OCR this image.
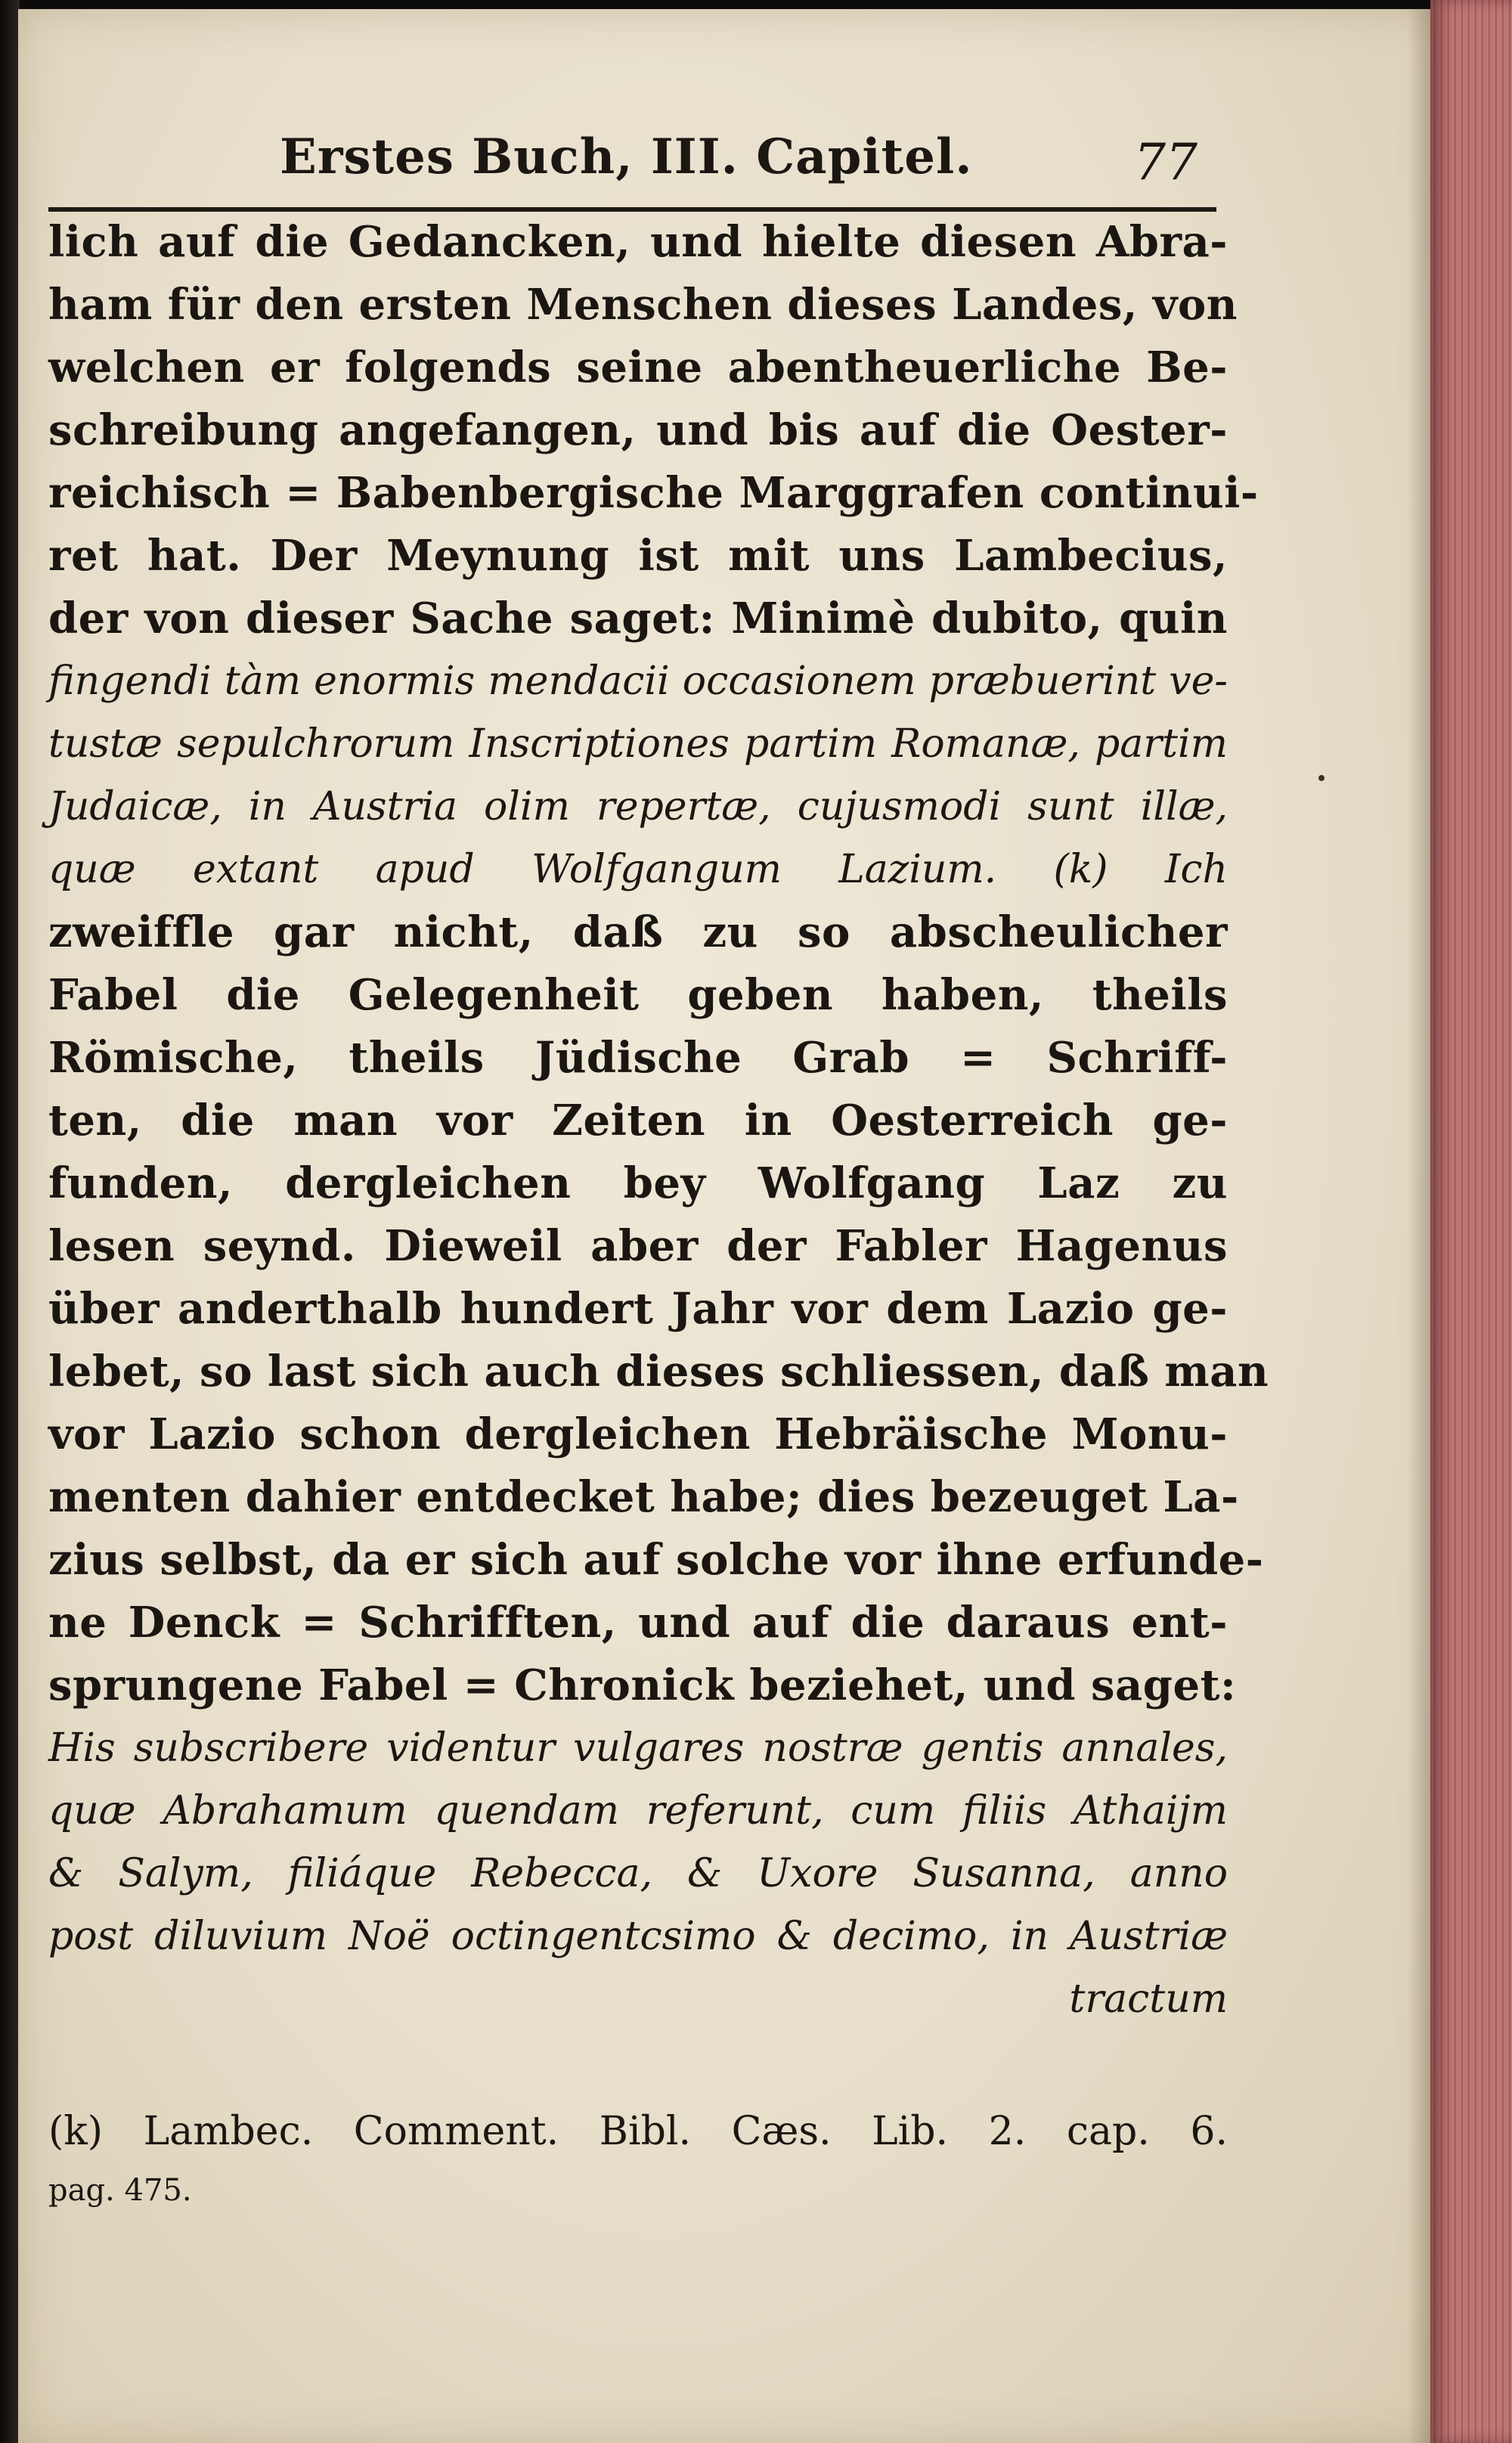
Erstes Buch, III. Capitel.	77
lich auf die Gedancken, und hielte diesen Abra-
ham für den ersten Menschen dieses Landes, von
welchen er folgends seine abentheuerliche Be-
schreibung angefangen, und bis auf die Oester-
reichisch = Babenbergische Marggrafen continui-
ret hat. Der Meynung ist mit uns Lambecius,
der von dieser Sache saget: Minimè dubito, quin
fingendi tàm enormis mendacii occasionem præbuerint ve-
tustæ sepulchrorum Inscriptiones partim Romanæ, partim
Judaicæ, in Austria olim repertæ, cujusmodi sunt illæ,
quæ extant apud Wolfgangum Lazium. (k) Ich
zweiffle gar nicht, daß zu so abscheulicher
Fabel die Gelegenheit geben haben, theils
Römische, theils Jüdische Grab = Schriff-
ten, die man vor Zeiten in Oesterreich ge-
funden, dergleichen bey Wolfgang Laz zu
lesen seynd. Dieweil aber der Fabler Hagenus
über anderthalb hundert Jahr vor dem Lazio ge-
lebet, so last sich auch dieses schliessen, daß man
vor Lazio schon dergleichen Hebräische Monu-
menten dahier entdecket habe; dies bezeuget La-
zius selbst, da er sich auf solche vor ihne erfunde-
ne Denck = Schrifften, und auf die daraus ent-
sprungene Fabel = Chronick beziehet, und saget:
His subscribere videntur vulgares nostræ gentis annales,
quæ Abrahamum quendam referunt, cum filiis Athaijm
& Salym, filiáque Rebecca, & Uxore Susanna, anno
post diluvium Noë octingentcsimo & decimo, in Austriæ
tractum
(k) Lambec. Comment. Bibl. Cæs. Lib. 2. cap. 6.
pag. 475.
